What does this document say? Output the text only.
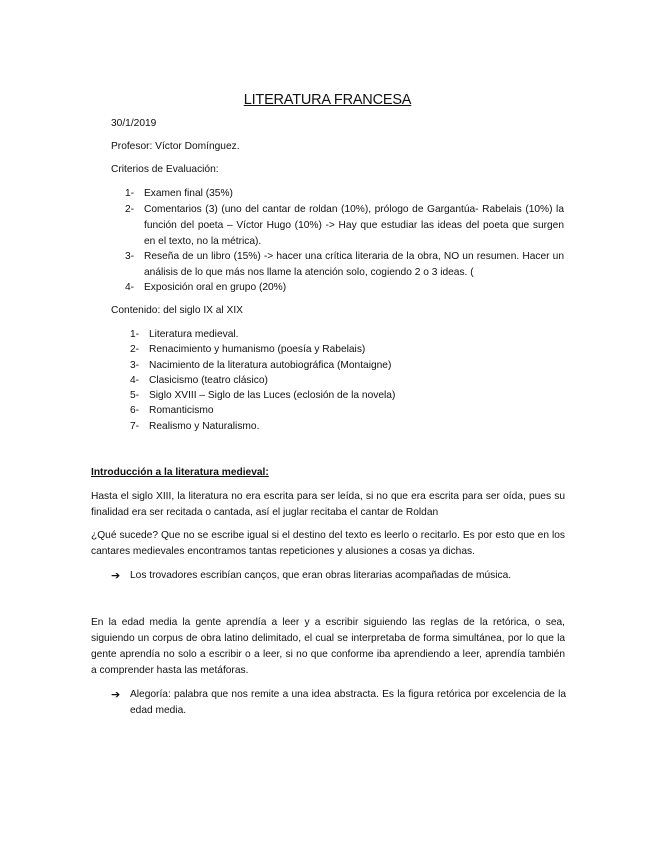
LITERATURA FRANCESA
30/1/2019
Profesor: Víctor Domínguez.
Criterios de Evaluación:
1- Examen final (35%)
2- Comentarios (3) (uno del cantar de roldan (10%), prólogo de Gargantúa- Rabelais (10%) la función del poeta – Víctor Hugo (10%) -> Hay que estudiar las ideas del poeta que surgen en el texto, no la métrica).
3- Reseña de un libro (15%) -> hacer una crítica literaria de la obra, NO un resumen. Hacer un análisis de lo que más nos llame la atención solo, cogiendo 2 o 3 ideas. (
4- Exposición oral en grupo (20%)
Contenido: del siglo IX al XIX
1- Literatura medieval.
2- Renacimiento y humanismo (poesía y Rabelais)
3- Nacimiento de la literatura autobiográfica (Montaigne)
4- Clasicismo (teatro clásico)
5- Siglo XVIII – Siglo de las Luces (eclosión de la novela)
6- Romanticismo
7- Realismo y Naturalismo.
Introducción a la literatura medieval:
Hasta el siglo XIII, la literatura no era escrita para ser leída, si no que era escrita para ser oída, pues su finalidad era ser recitada o cantada, así el juglar recitaba el cantar de Roldan
¿Qué sucede? Que no se escribe igual si el destino del texto es leerlo o recitarlo. Es por esto que en los cantares medievales encontramos tantas repeticiones y alusiones a cosas ya dichas.
➔ Los trovadores escribían canços, que eran obras literarias acompañadas de música.
En la edad media la gente aprendía a leer y a escribir siguiendo las reglas de la retórica, o sea, siguiendo un corpus de obra latino delimitado, el cual se interpretaba de forma simultánea, por lo que la gente aprendía no solo a escribir o a leer, si no que conforme iba aprendiendo a leer, aprendía también a comprender hasta las metáforas.
➔ Alegoría: palabra que nos remite a una idea abstracta. Es la figura retórica por excelencia de la edad media.
